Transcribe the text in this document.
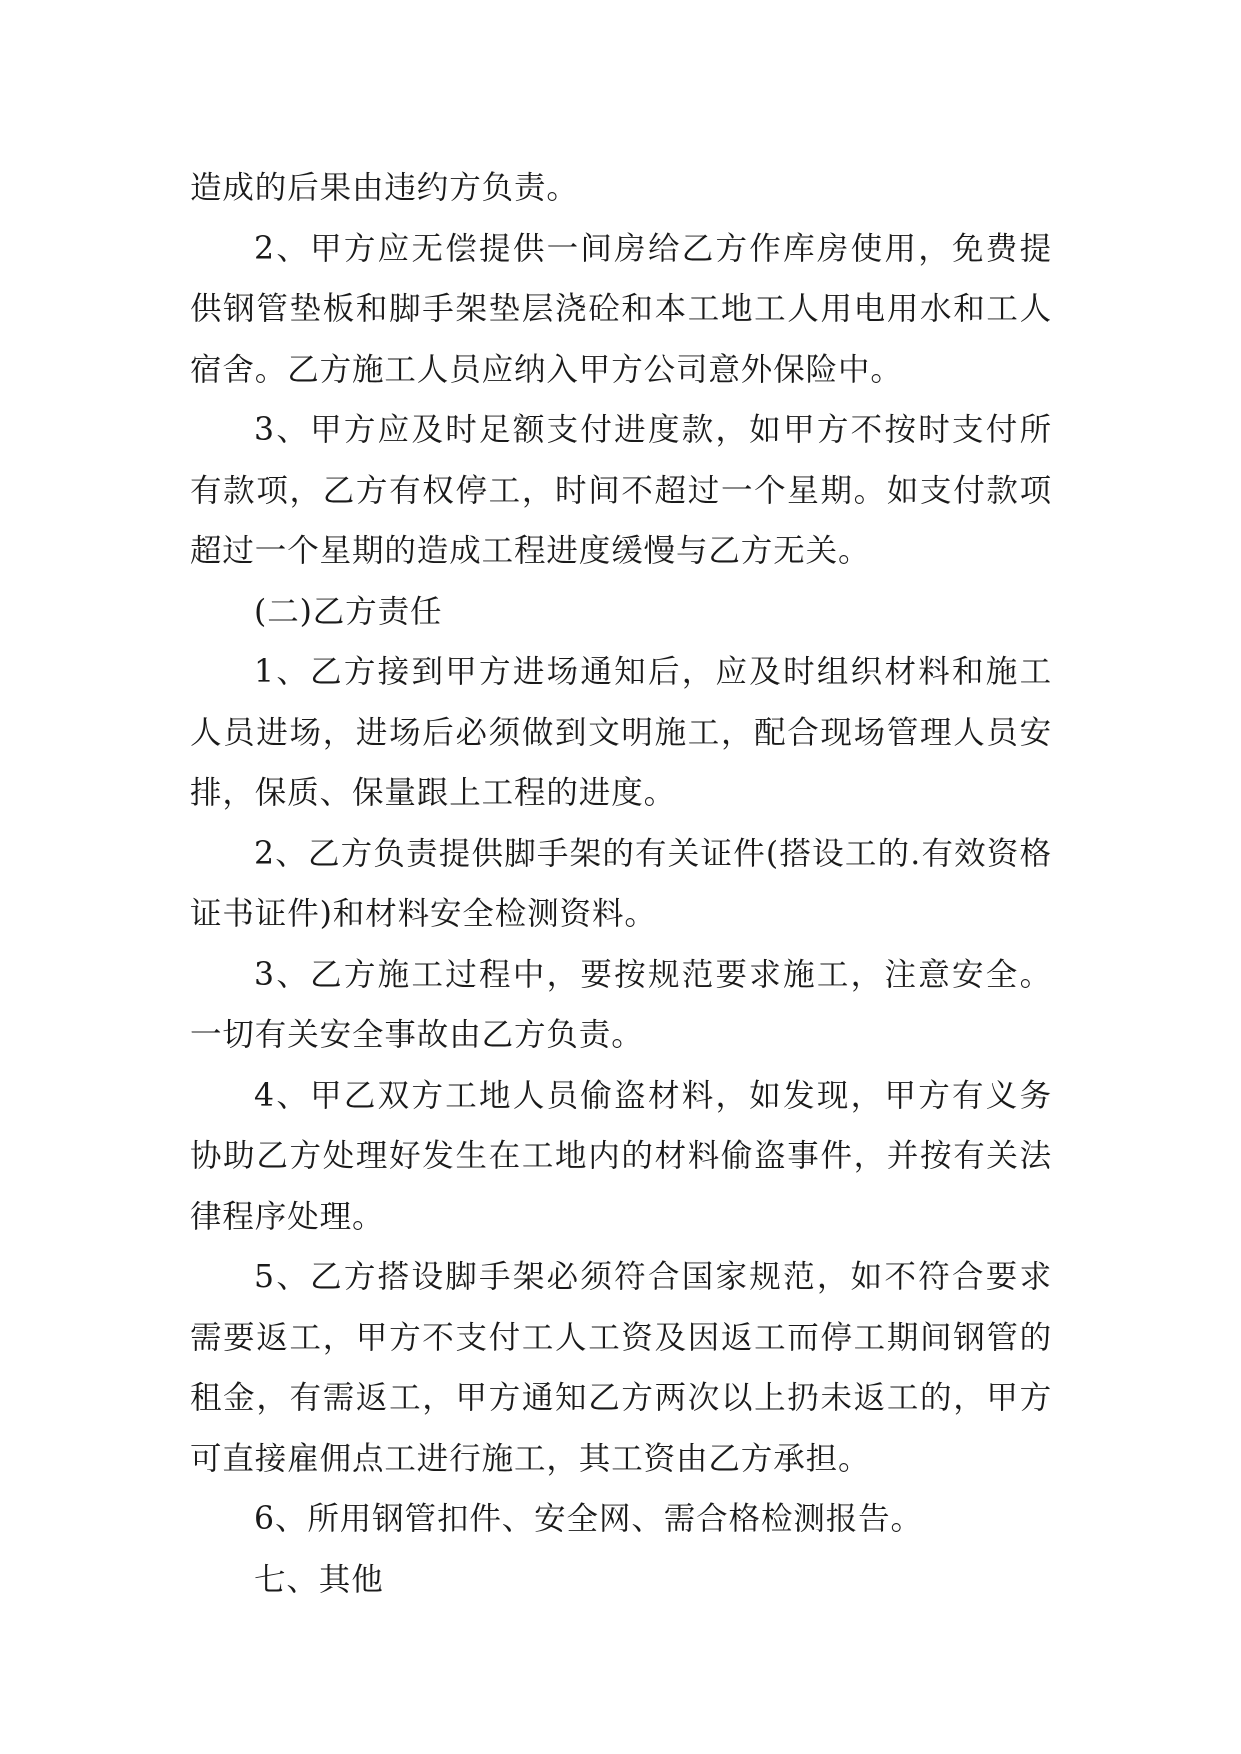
造成的后果由违约方负责。

2、甲方应无偿提供一间房给乙方作库房使用，免费提供钢管垫板和脚手架垫层浇砼和本工地工人用电用水和工人宿舍。乙方施工人员应纳入甲方公司意外保险中。

3、甲方应及时足额支付进度款，如甲方不按时支付所有款项，乙方有权停工，时间不超过一个星期。如支付款项超过一个星期的造成工程进度缓慢与乙方无关。

(二)乙方责任

1、乙方接到甲方进场通知后，应及时组织材料和施工人员进场，进场后必须做到文明施工，配合现场管理人员安排，保质、保量跟上工程的进度。

2、乙方负责提供脚手架的有关证件(搭设工的.有效资格证书证件)和材料安全检测资料。

3、乙方施工过程中，要按规范要求施工，注意安全。一切有关安全事故由乙方负责。

4、甲乙双方工地人员偷盗材料，如发现，甲方有义务协助乙方处理好发生在工地内的材料偷盗事件，并按有关法律程序处理。

5、乙方搭设脚手架必须符合国家规范，如不符合要求需要返工，甲方不支付工人工资及因返工而停工期间钢管的租金，有需返工，甲方通知乙方两次以上扔未返工的，甲方可直接雇佣点工进行施工，其工资由乙方承担。

6、所用钢管扣件、安全网、需合格检测报告。

七、其他
